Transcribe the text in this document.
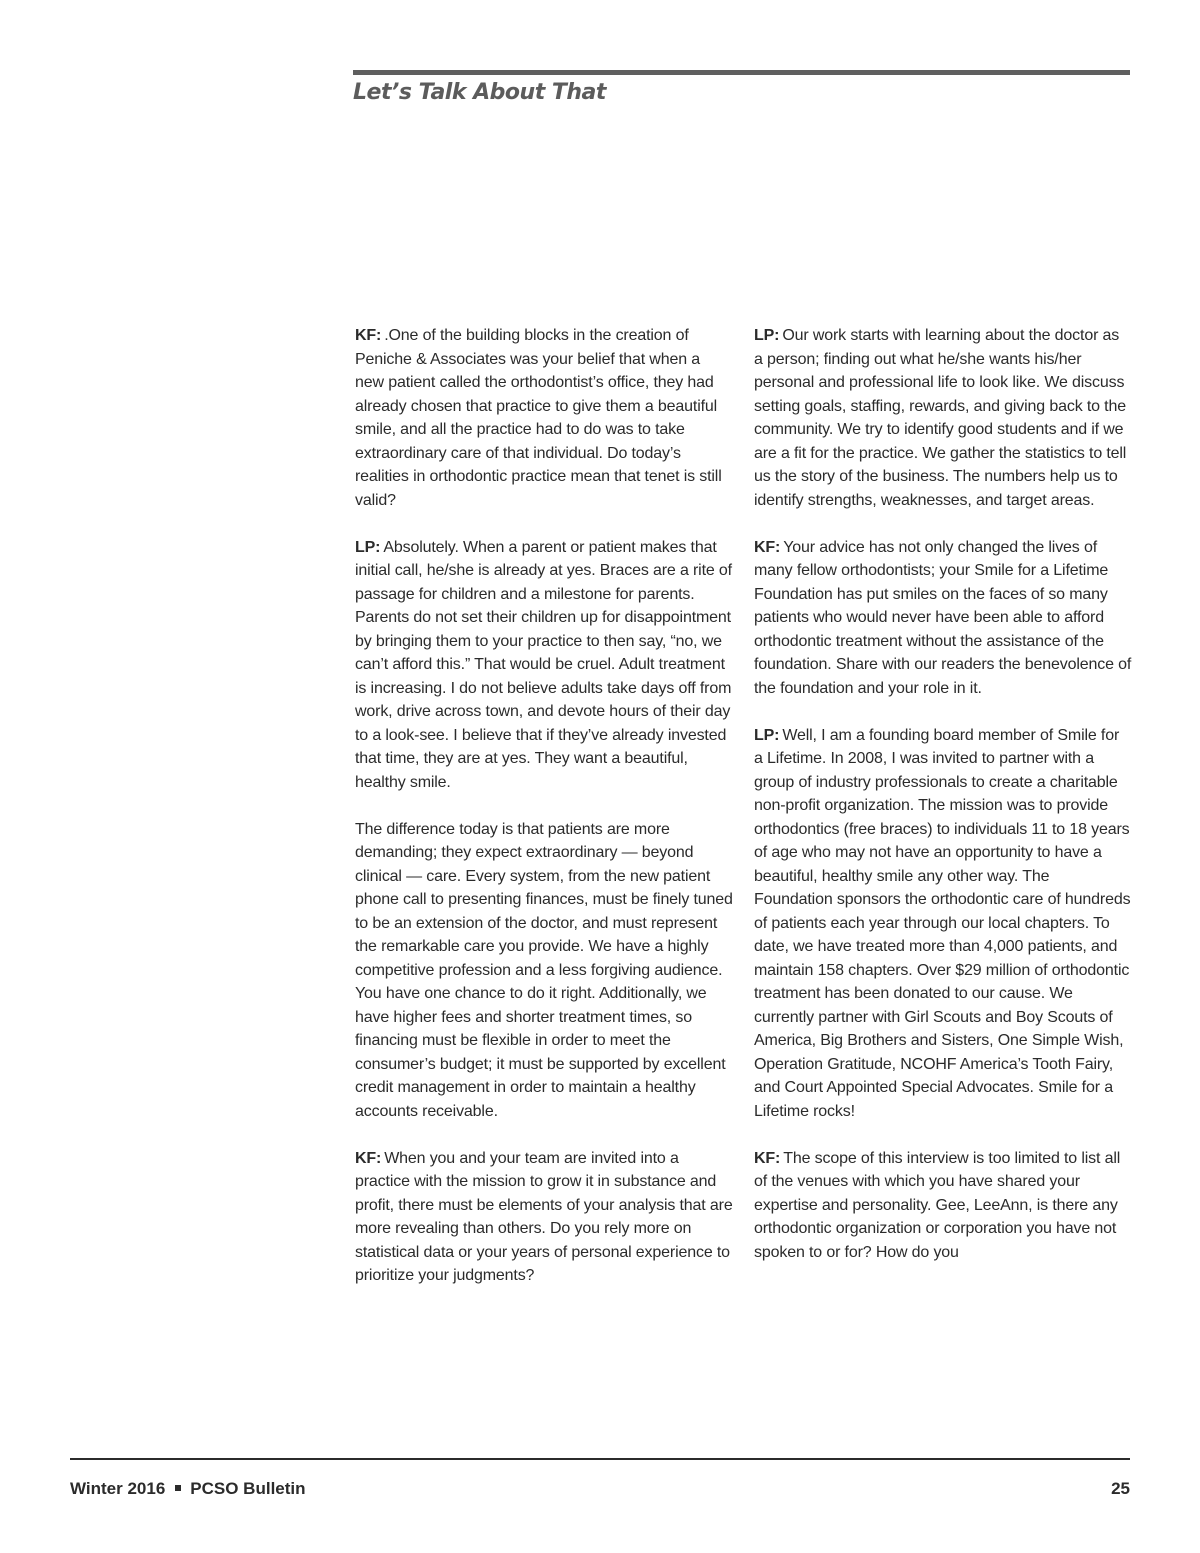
Let’s Talk About That

KF: .One of the building blocks in the creation of Peniche & Associates was your belief that when a new patient called the orthodontist’s office, they had already chosen that practice to give them a beautiful smile, and all the practice had to do was to take extraordinary care of that individual. Do today’s realities in orthodontic practice mean that tenet is still valid?

LP: Absolutely. When a parent or patient makes that initial call, he/she is already at yes. Braces are a rite of passage for children and a milestone for parents. Parents do not set their children up for disappointment by bringing them to your practice to then say, “no, we can’t afford this.” That would be cruel. Adult treatment is increasing. I do not believe adults take days off from work, drive across town, and devote hours of their day to a look-see. I believe that if they’ve already invested that time, they are at yes. They want a beautiful, healthy smile.

The difference today is that patients are more demanding; they expect extraordinary — beyond clinical — care. Every system, from the new patient phone call to presenting finances, must be finely tuned to be an extension of the doctor, and must represent the remarkable care you provide. We have a highly competitive profession and a less forgiving audience. You have one chance to do it right. Additionally, we have higher fees and shorter treatment times, so financing must be flexible in order to meet the consumer’s budget; it must be supported by excellent credit management in order to maintain a healthy accounts receivable.

KF: When you and your team are invited into a practice with the mission to grow it in substance and profit, there must be elements of your analysis that are more revealing than others. Do you rely more on statistical data or your years of personal experience to prioritize your judgments?

LP: Our work starts with learning about the doctor as a person; finding out what he/she wants his/her personal and professional life to look like. We discuss setting goals, staffing, rewards, and giving back to the community. We try to identify good students and if we are a fit for the practice. We gather the statistics to tell us the story of the business. The numbers help us to identify strengths, weaknesses, and target areas.

KF: Your advice has not only changed the lives of many fellow orthodontists; your Smile for a Lifetime Foundation has put smiles on the faces of so many patients who would never have been able to afford orthodontic treatment without the assistance of the foundation. Share with our readers the benevolence of the foundation and your role in it.

LP: Well, I am a founding board member of Smile for a Lifetime. In 2008, I was invited to partner with a group of industry professionals to create a charitable non-profit organization. The mission was to provide orthodontics (free braces) to individuals 11 to 18 years of age who may not have an opportunity to have a beautiful, healthy smile any other way. The Foundation sponsors the orthodontic care of hundreds of patients each year through our local chapters. To date, we have treated more than 4,000 patients, and maintain 158 chapters. Over $29 million of orthodontic treatment has been donated to our cause. We currently partner with Girl Scouts and Boy Scouts of America, Big Brothers and Sisters, One Simple Wish, Operation Gratitude, NCOHF America’s Tooth Fairy, and Court Appointed Special Advocates. Smile for a Lifetime rocks!

KF: The scope of this interview is too limited to list all of the venues with which you have shared your expertise and personality. Gee, LeeAnn, is there any orthodontic organization or corporation you have not spoken to or for? How do you

Winter 2016 PCSO Bulletin	25
